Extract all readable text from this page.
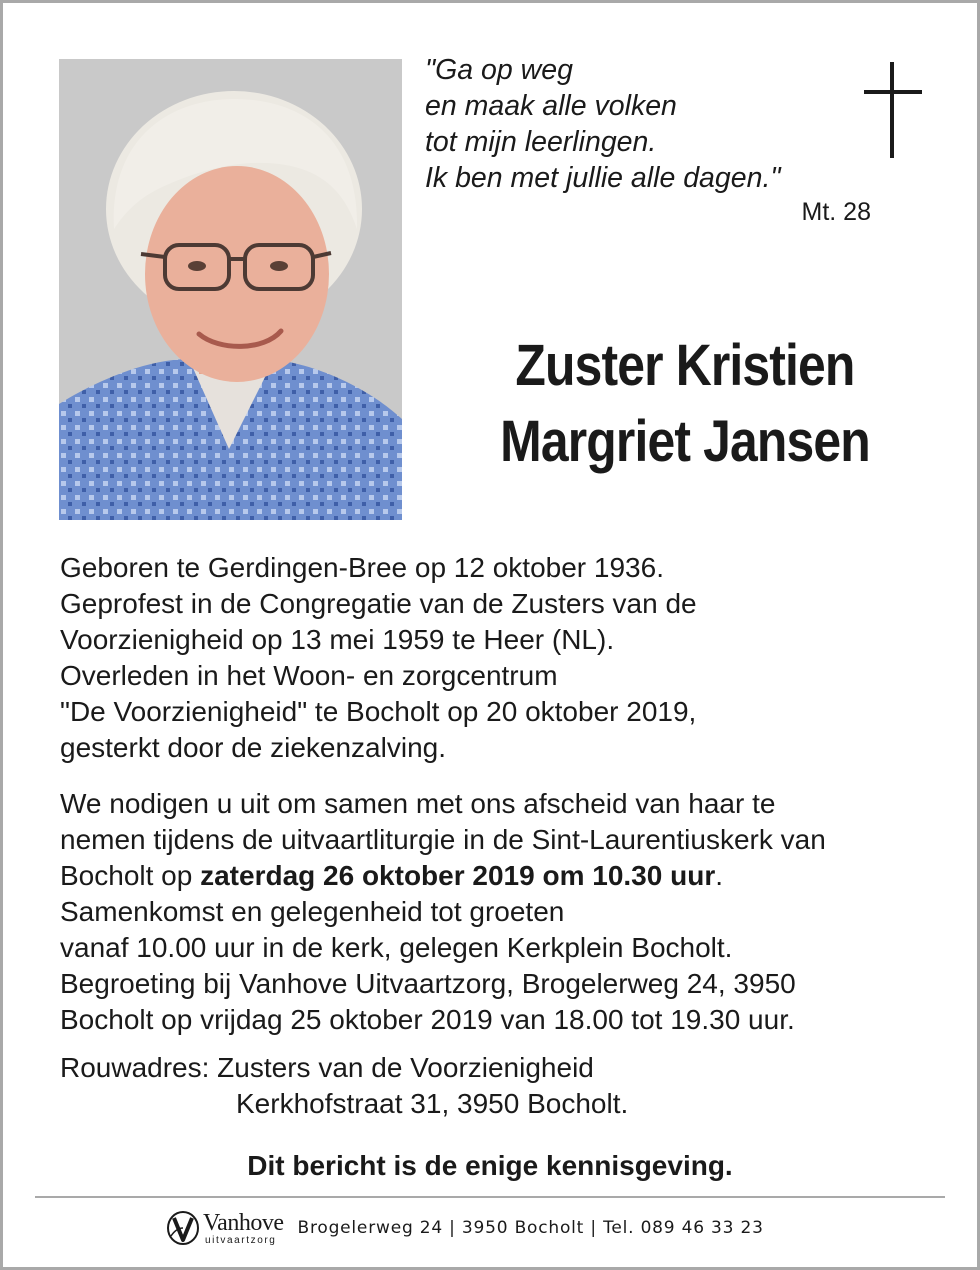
"Ga op weg
en maak alle volken
tot mijn leerlingen.
Ik ben met jullie alle dagen."
Mt. 28
Zuster Kristien
Margriet Jansen
Geboren te Gerdingen-Bree op 12 oktober 1936.
Geprofest in de Congregatie van de Zusters van de
Voorzienigheid op 13 mei 1959 te Heer (NL).
Overleden in het Woon- en zorgcentrum
"De Voorzienigheid" te Bocholt op 20 oktober 2019,
gesterkt door de ziekenzalving.
We nodigen u uit om samen met ons afscheid van haar te
nemen tijdens de uitvaartliturgie in de Sint-Laurentiuskerk van
Bocholt op zaterdag 26 oktober 2019 om 10.30 uur.
Samenkomst en gelegenheid tot groeten
vanaf 10.00 uur in de kerk, gelegen Kerkplein Bocholt.
Begroeting bij Vanhove Uitvaartzorg, Brogelerweg 24, 3950
Bocholt op vrijdag 25 oktober 2019 van 18.00 tot 19.30 uur.
Rouwadres: Zusters van de Voorzienigheid
Kerkhofstraat 31, 3950 Bocholt.
Dit bericht is de enige kennisgeving.
Vanhove
uitvaartzorg
Brogelerweg 24 | 3950 Bocholt | Tel. 089 46 33 23
